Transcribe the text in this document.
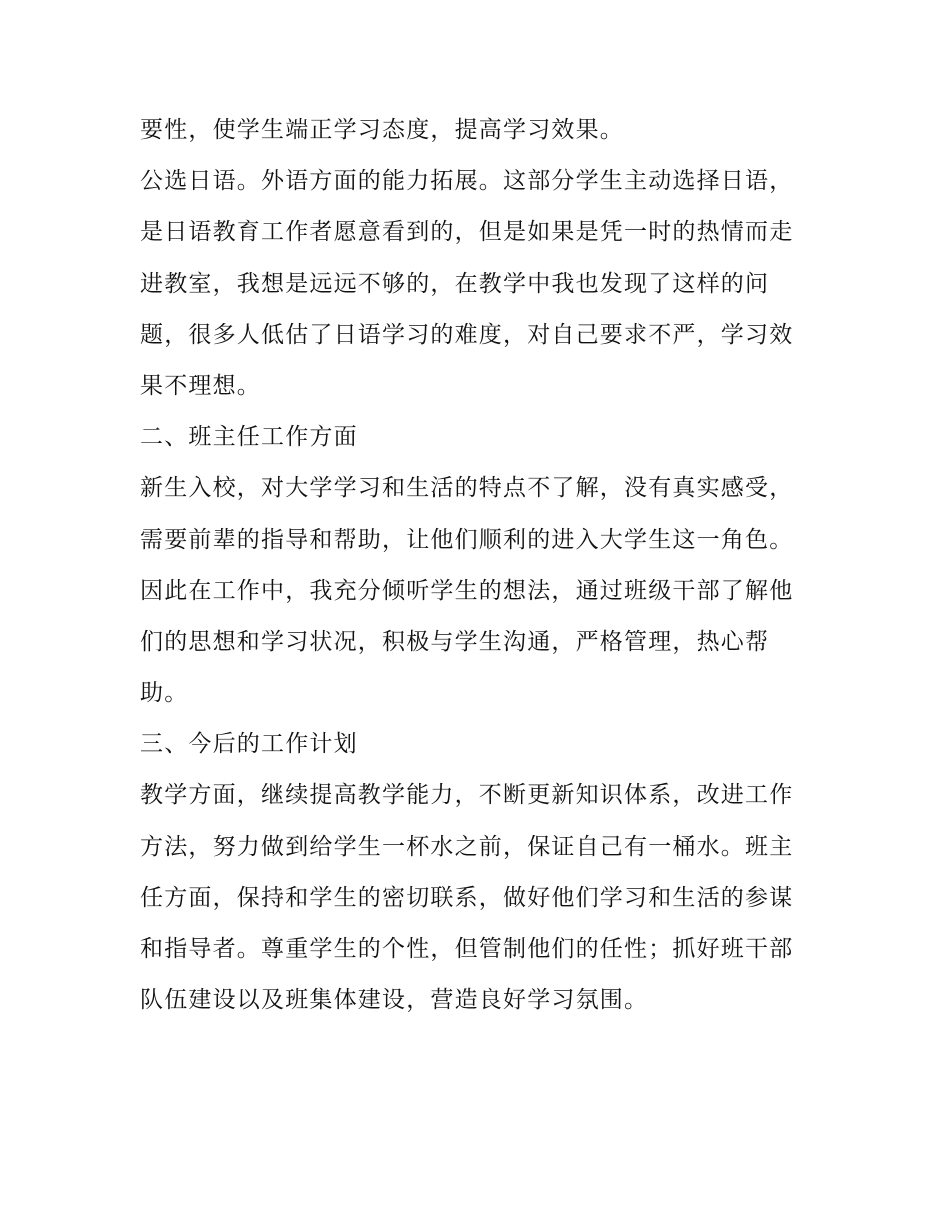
要性，使学生端正学习态度，提高学习效果。
公选日语。外语方面的能力拓展。这部分学生主动选择日语，
是日语教育工作者愿意看到的，但是如果是凭一时的热情而走
进教室，我想是远远不够的，在教学中我也发现了这样的问
题，很多人低估了日语学习的难度，对自己要求不严，学习效
果不理想。
二、班主任工作方面
新生入校，对大学学习和生活的特点不了解，没有真实感受，
需要前辈的指导和帮助，让他们顺利的进入大学生这一角色。
因此在工作中，我充分倾听学生的想法，通过班级干部了解他
们的思想和学习状况，积极与学生沟通，严格管理，热心帮
助。
三、今后的工作计划
教学方面，继续提高教学能力，不断更新知识体系，改进工作
方法，努力做到给学生一杯水之前，保证自己有一桶水。班主
任方面，保持和学生的密切联系，做好他们学习和生活的参谋
和指导者。尊重学生的个性，但管制他们的任性；抓好班干部
队伍建设以及班集体建设，营造良好学习氛围。
